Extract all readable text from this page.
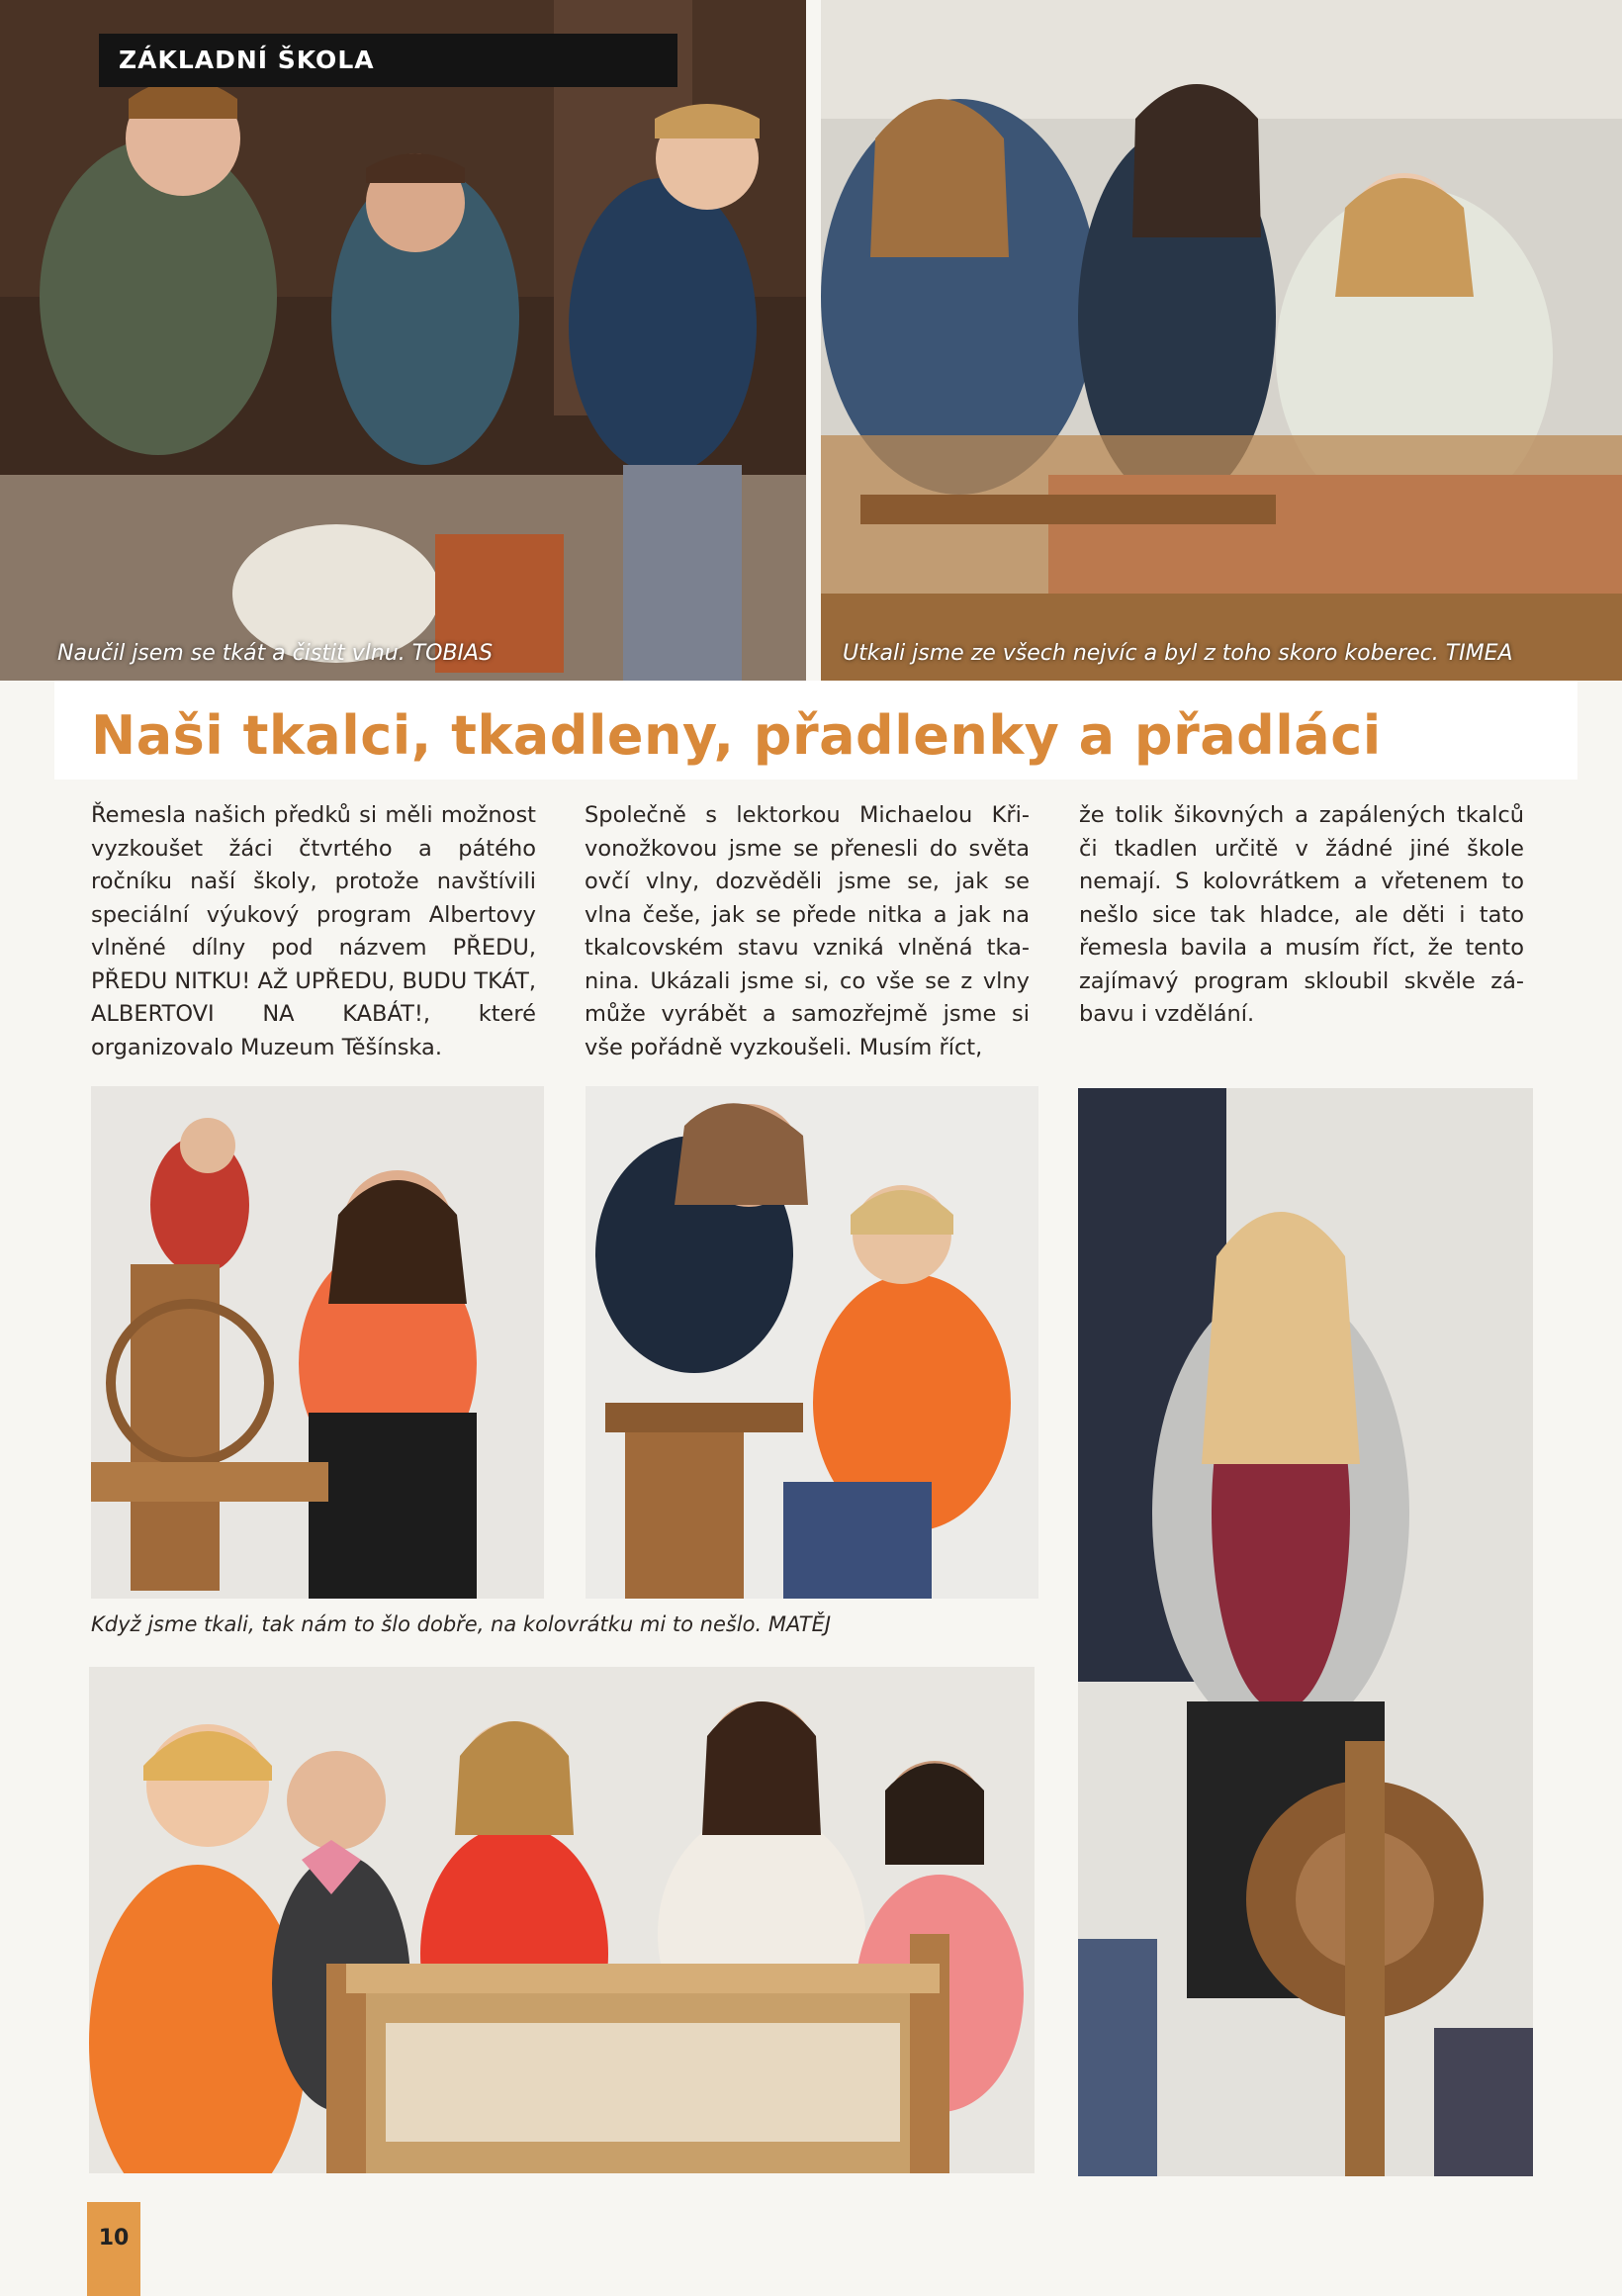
ZÁKLADNÍ ŠKOLA
Naučil jsem se tkát a čistit vlnu. TOBIAS	Utkali jsme ze všech nejvíc a byl z toho skoro koberec. TIMEA
Naši tkalci, tkadleny, přadlenky a přadláci
Řemesla našich předků si měli možnost vyzkoušet žáci čtvrtého a pátého ročníku naší školy, protože navštívili speciální výukový program Albertovy vlněné dílny pod názvem PŘEDU, PŘEDU NITKU! AŽ UPŘEDU, BUDU TKÁT, ALBERTOVI NA KABÁT!, které organizovalo Muzeum Těšínska.
Společně s lektorkou Michaelou Křivonožkovou jsme se přenesli do světa ovčí vlny, dozvěděli jsme se, jak se vlna češe, jak se přede nitka a jak na tkalcovském stavu vzniká vlněná tkanina. Ukázali jsme si, co vše se z vlny může vyrábět a samozřejmě jsme si vše pořádně vyzkoušeli. Musím říct,
že tolik šikovných a zapálených tkalců či tkadlen určitě v žádné jiné škole nemají. S kolovrátkem a vřetenem to nešlo sice tak hladce, ale děti i tato řemesla bavila a musím říct, že tento zajímavý program skloubil skvěle zábavu i vzdělání.
Když jsme tkali, tak nám to šlo dobře, na kolovrátku mi to nešlo. MATĚJ
10
